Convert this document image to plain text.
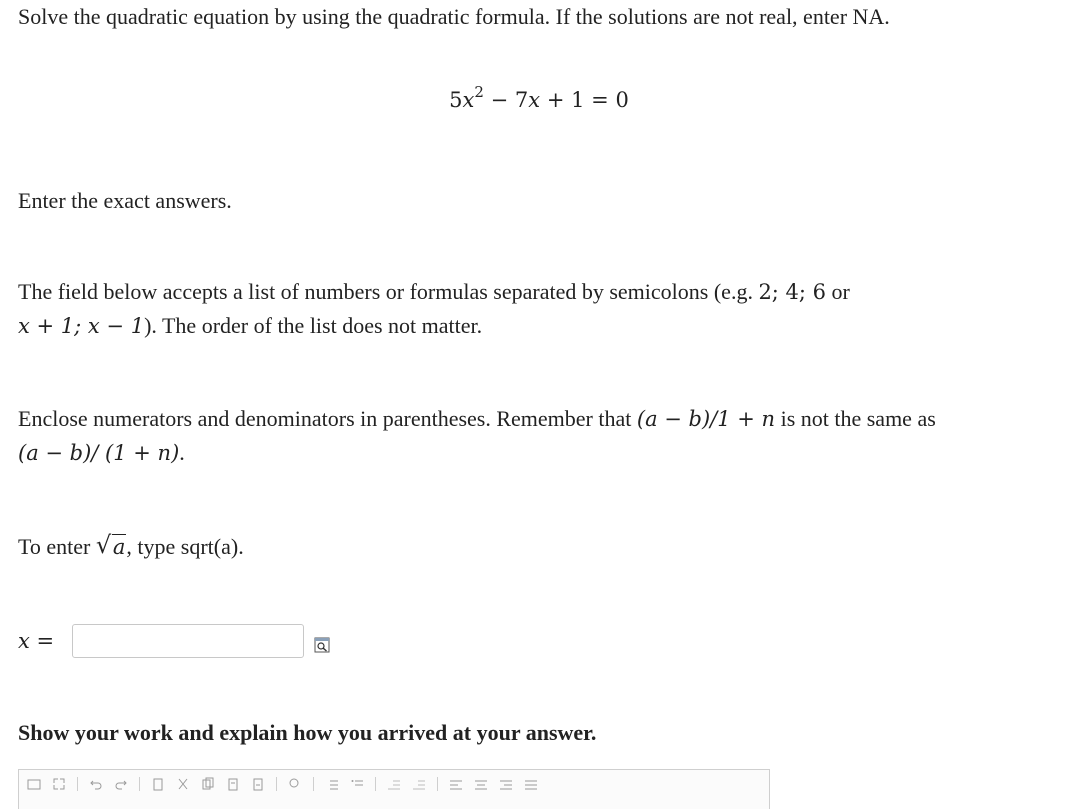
Solve the quadratic equation by using the quadratic formula. If the solutions are not real, enter NA.
Enter the exact answers.
The field below accepts a list of numbers or formulas separated by semicolons (e.g. 2; 4; 6 or
x + 1; x − 1). The order of the list does not matter.
Enclose numerators and denominators in parentheses. Remember that (a − b)/1 + n is not the same as
(a − b)/ (1 + n).
To enter √ a, type sqrt(a).
x =
Show your work and explain how you arrived at your answer.
$5x^2 - 7x + 1 = 0$
